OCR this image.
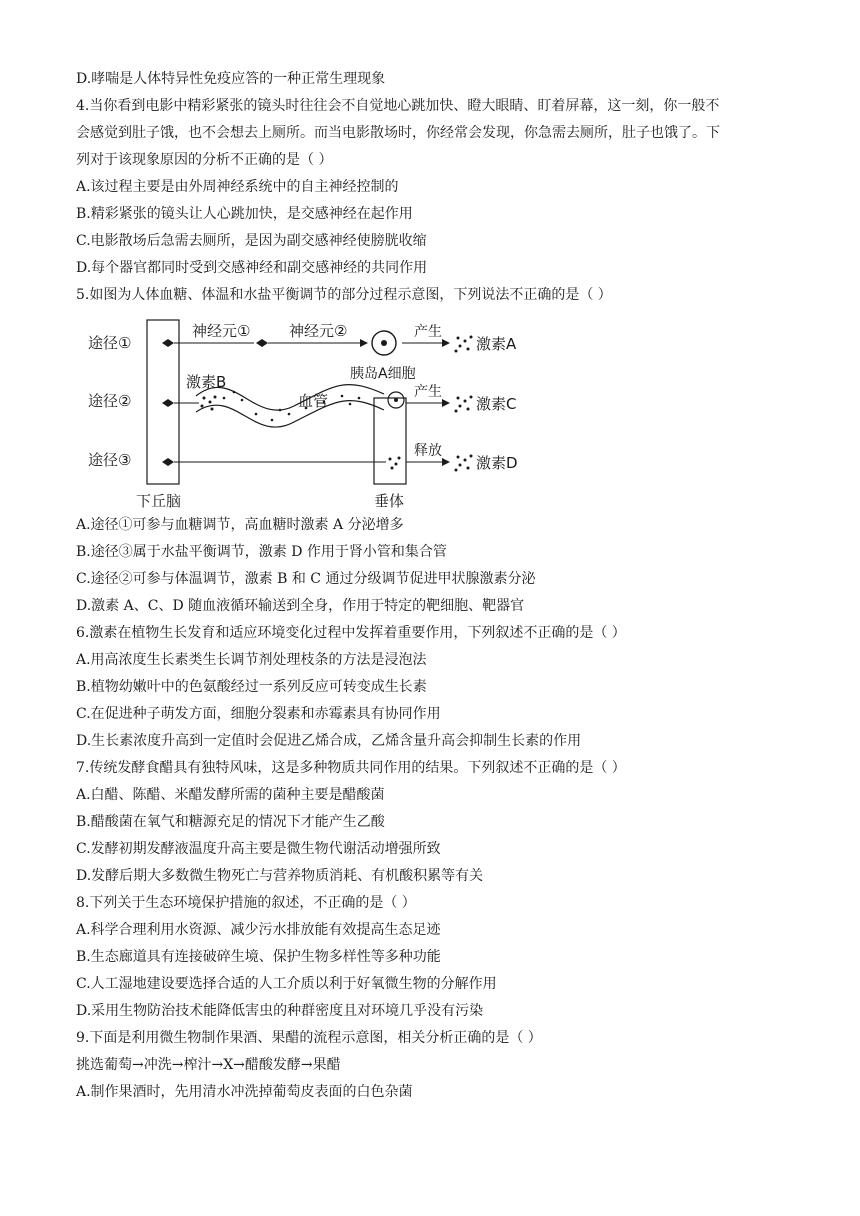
D.哮喘是人体特异性免疫应答的一种正常生理现象
4.当你看到电影中精彩紧张的镜头时往往会不自觉地心跳加快、瞪大眼睛、盯着屏幕，这一刻，你一般不
会感觉到肚子饿，也不会想去上厕所。而当电影散场时，你经常会发现，你急需去厕所，肚子也饿了。下
列对于该现象原因的分析不正确的是（ ）
A.该过程主要是由外周神经系统中的自主神经控制的
B.精彩紧张的镜头让人心跳加快，是交感神经在起作用
C.电影散场后急需去厕所，是因为副交感神经使膀胱收缩
D.每个器官都同时受到交感神经和副交感神经的共同作用
5.如图为人体血糖、体温和水盐平衡调节的部分过程示意图，下列说法不正确的是（ ）
途径①
途径②
途径③
神经元①	神经元②
胰岛A细胞
产生
激素A
激素B
血管	产生
激素C
释放
激素D
下丘脑	垂体
A.途径①可参与血糖调节，高血糖时激素 A 分泌增多
B.途径③属于水盐平衡调节，激素 D 作用于肾小管和集合管
C.途径②可参与体温调节，激素 B 和 C 通过分级调节促进甲状腺激素分泌
D.激素 A、C、D 随血液循环输送到全身，作用于特定的靶细胞、靶器官
6.激素在植物生长发育和适应环境变化过程中发挥着重要作用，下列叙述不正确的是（ ）
A.用高浓度生长素类生长调节剂处理枝条的方法是浸泡法
B.植物幼嫩叶中的色氨酸经过一系列反应可转变成生长素
C.在促进种子萌发方面，细胞分裂素和赤霉素具有协同作用
D.生长素浓度升高到一定值时会促进乙烯合成，乙烯含量升高会抑制生长素的作用
7.传统发酵食醋具有独特风味，这是多种物质共同作用的结果。下列叙述不正确的是（ ）
A.白醋、陈醋、米醋发酵所需的菌种主要是醋酸菌
B.醋酸菌在氧气和糖源充足的情况下才能产生乙酸
C.发酵初期发酵液温度升高主要是微生物代谢活动增强所致
D.发酵后期大多数微生物死亡与营养物质消耗、有机酸积累等有关
8.下列关于生态环境保护措施的叙述，不正确的是（ ）
A.科学合理利用水资源、减少污水排放能有效提高生态足迹
B.生态廊道具有连接破碎生境、保护生物多样性等多种功能
C.人工湿地建设要选择合适的人工介质以利于好氧微生物的分解作用
D.采用生物防治技术能降低害虫的种群密度且对环境几乎没有污染
9.下面是利用微生物制作果酒、果醋的流程示意图，相关分析正确的是（ ）
挑选葡萄→冲洗→榨汁→X→醋酸发酵→果醋
A.制作果酒时，先用清水冲洗掉葡萄皮表面的白色杂菌
